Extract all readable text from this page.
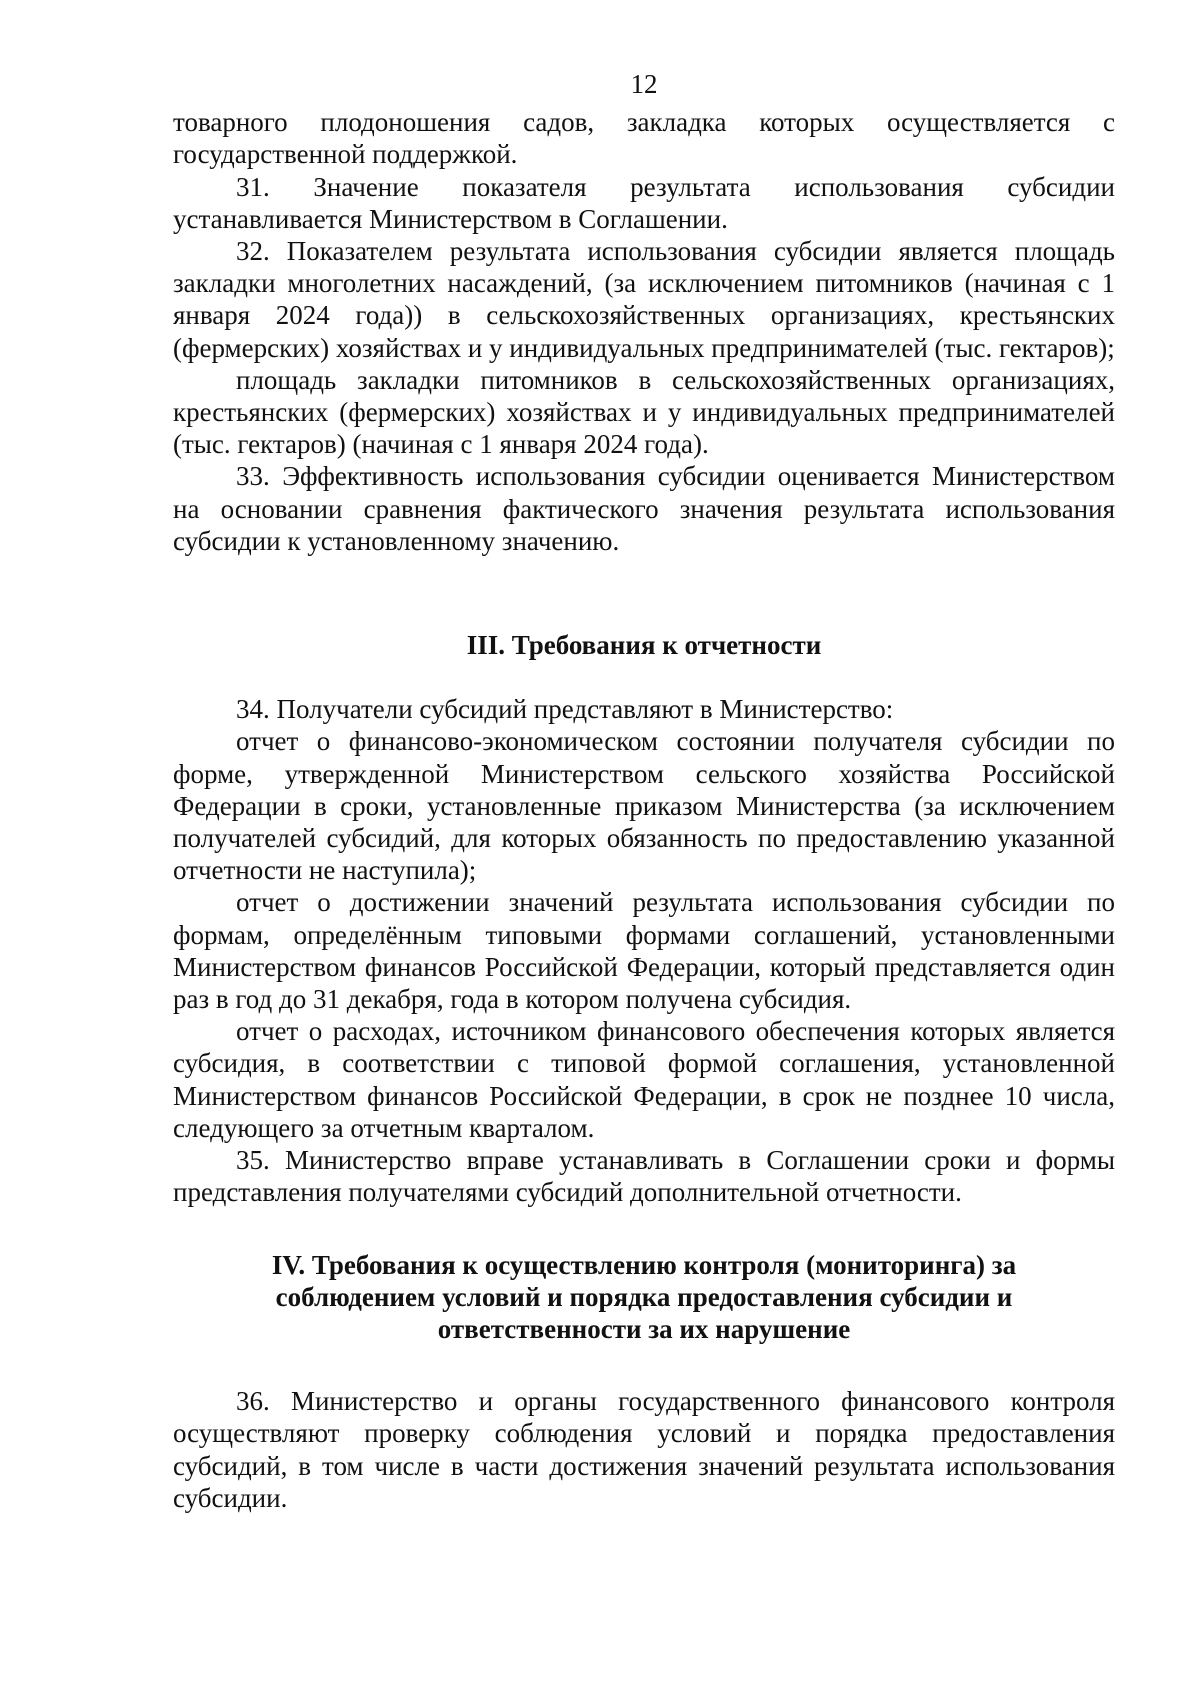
12

товарного плодоношения садов, закладка которых осуществляется с государственной поддержкой.

31. Значение показателя результата использования субсидии устанавливается Министерством в Соглашении.

32. Показателем результата использования субсидии является площадь закладки многолетних насаждений, (за исключением питомников (начиная с 1 января 2024 года)) в сельскохозяйственных организациях, крестьянских (фермерских) хозяйствах и у индивидуальных предпринимателей (тыс. гектаров);

площадь закладки питомников в сельскохозяйственных организациях, крестьянских (фермерских) хозяйствах и у индивидуальных предпринимателей (тыс. гектаров) (начиная с 1 января 2024 года).

33. Эффективность использования субсидии оценивается Министерством на основании сравнения фактического значения результата использования субсидии к установленному значению.

III. Требования к отчетности

34. Получатели субсидий представляют в Министерство:

отчет о финансово-экономическом состоянии получателя субсидии по форме, утвержденной Министерством сельского хозяйства Российской Федерации в сроки, установленные приказом Министерства (за исключением получателей субсидий, для которых обязанность по предоставлению указанной отчетности не наступила);

отчет о достижении значений результата использования субсидии по формам, определённым типовыми формами соглашений, установленными Министерством финансов Российской Федерации, который представляется один раз в год до 31 декабря, года в котором получена субсидия.

отчет о расходах, источником финансового обеспечения которых является субсидия, в соответствии с типовой формой соглашения, установленной Министерством финансов Российской Федерации, в срок не позднее 10 числа, следующего за отчетным кварталом.

35. Министерство вправе устанавливать в Соглашении сроки и формы представления получателями субсидий дополнительной отчетности.

IV. Требования к осуществлению контроля (мониторинга) за
соблюдением условий и порядка предоставления субсидии и
ответственности за их нарушение

36. Министерство и органы государственного финансового контроля осуществляют проверку соблюдения условий и порядка предоставления субсидий, в том числе в части достижения значений результата использования субсидии.
